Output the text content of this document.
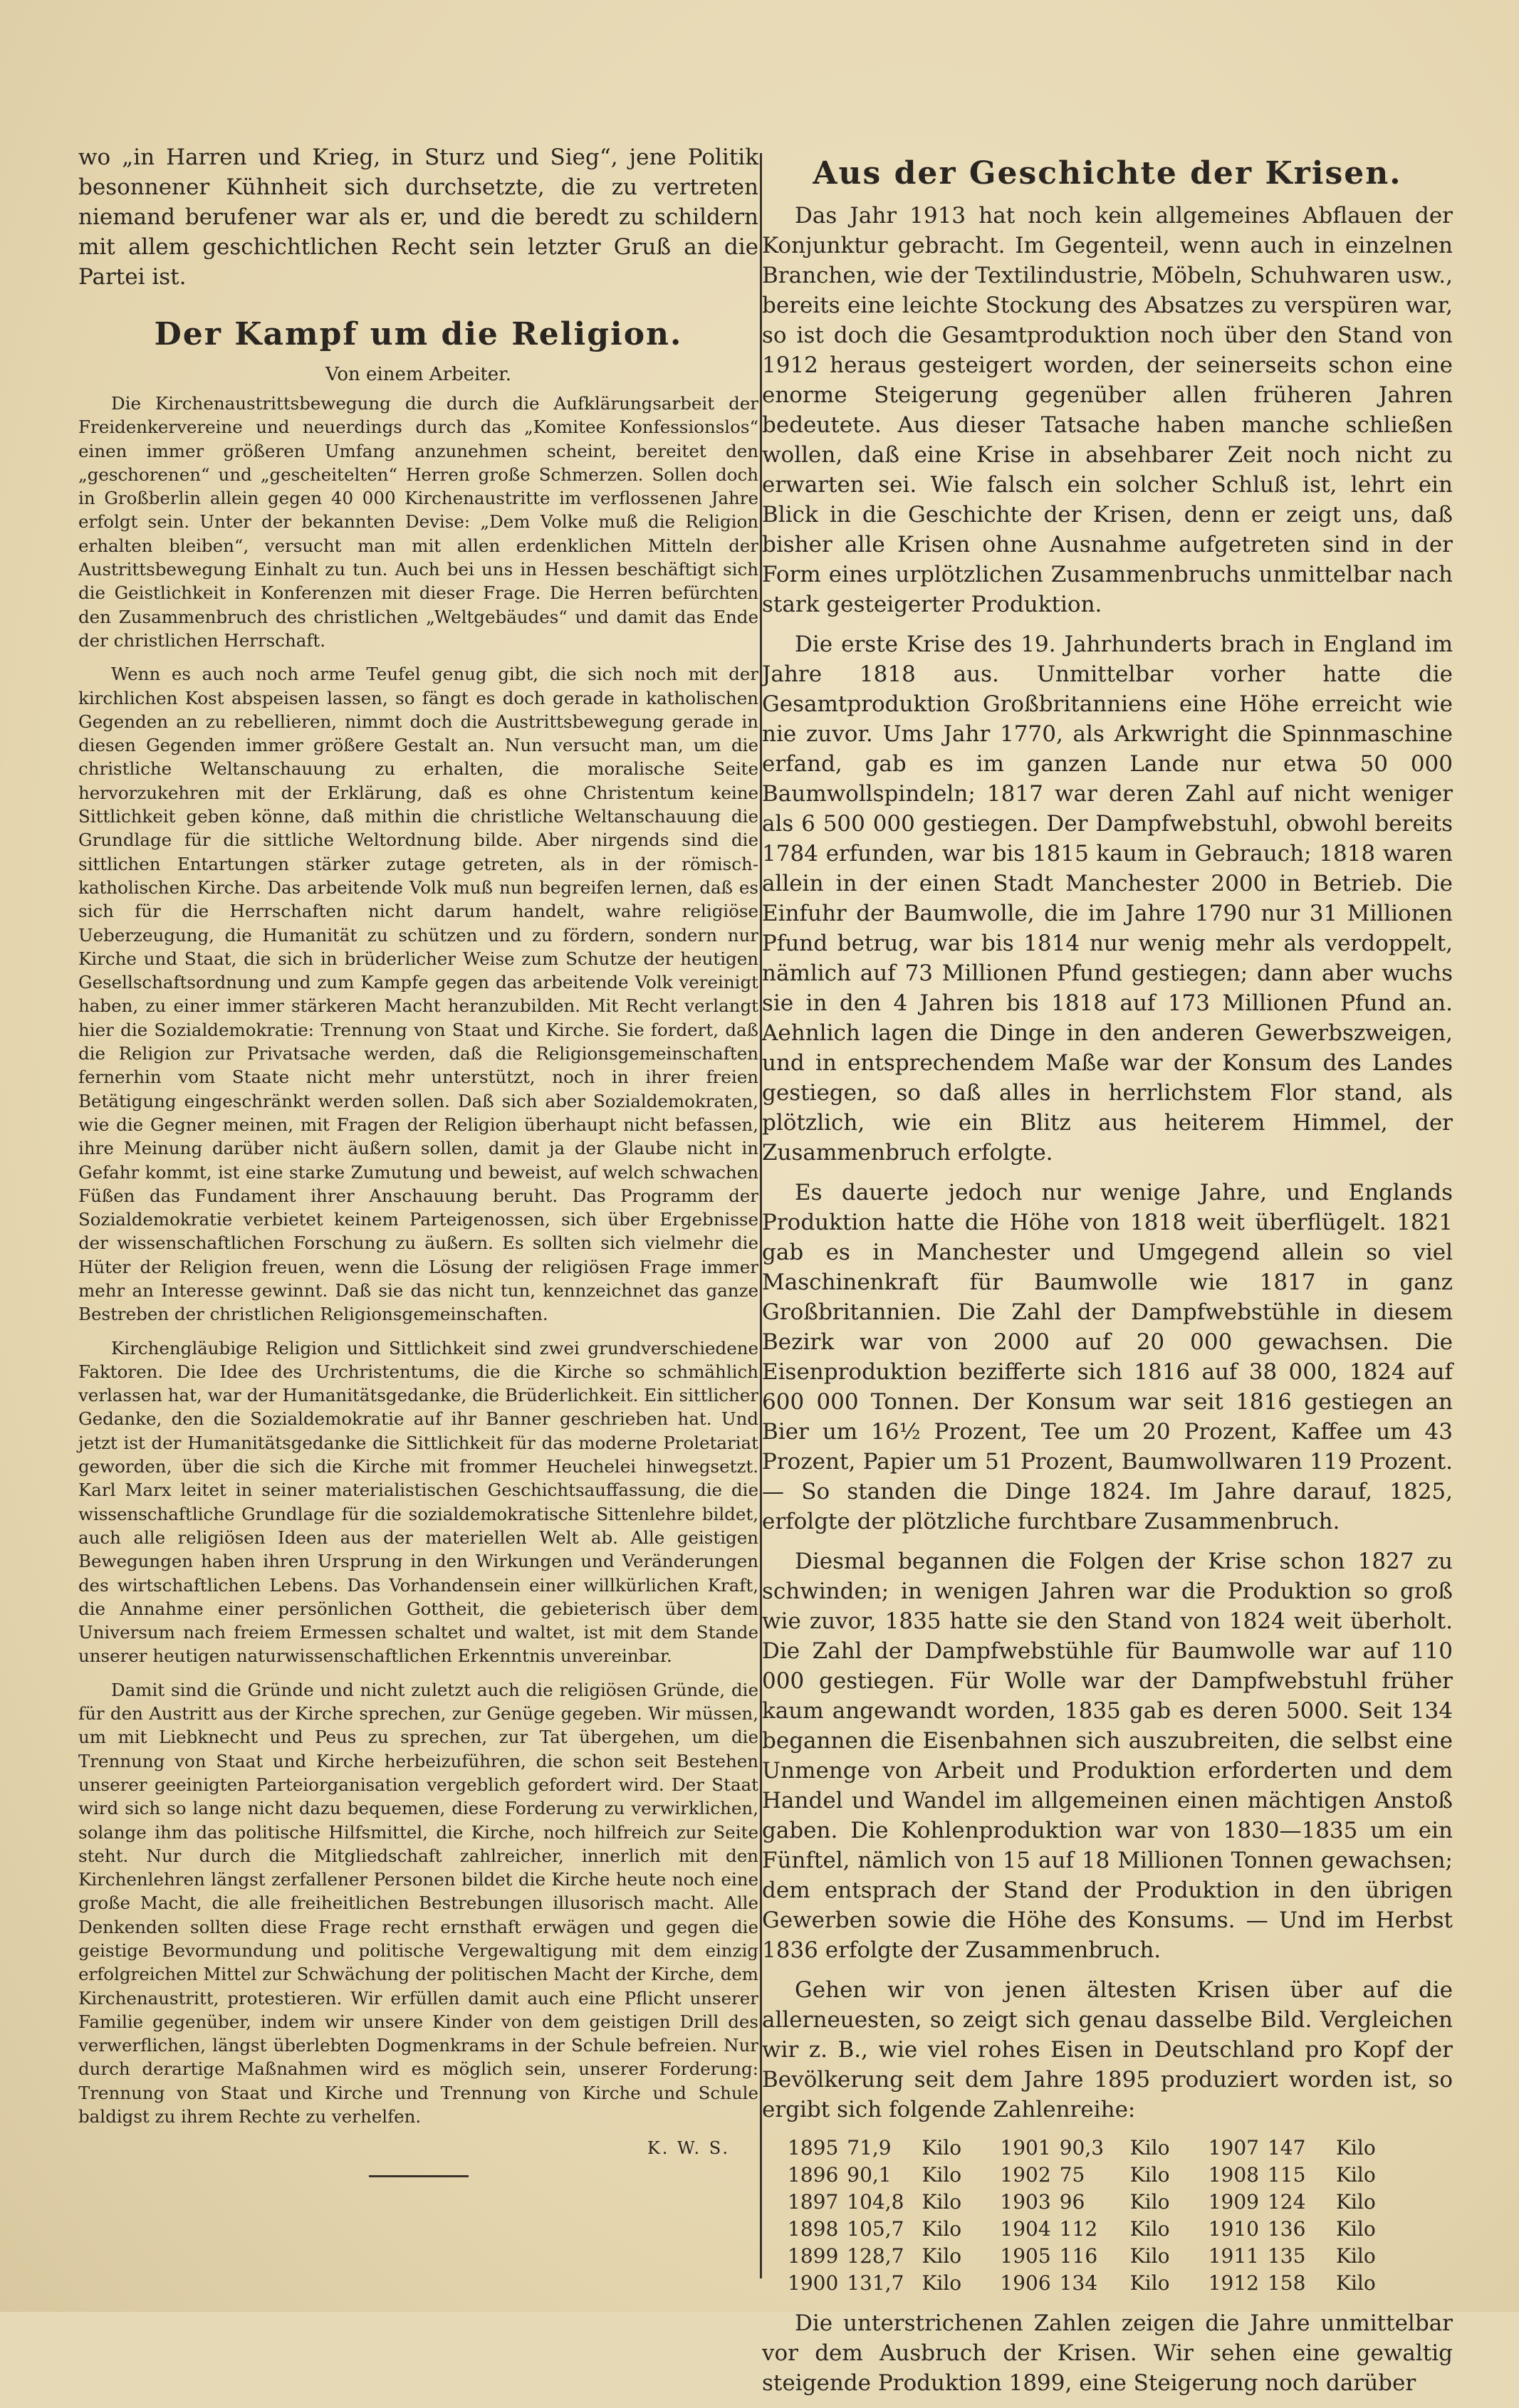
wo „in Harren und Krieg, in Sturz und Sieg“, jene Politik besonnener Kühnheit sich durchsetzte, die zu vertreten niemand berufener war als er, und die beredt zu schildern mit allem geschichtlichen Recht sein letzter Gruß an die Partei ist.

Der Kampf um die Religion.
Von einem Arbeiter.

Die Kirchenaustrittsbewegung die durch die Aufklärungsarbeit der Freidenkervereine und neuerdings durch das „Komitee Konfessionslos“ einen immer größeren Umfang anzunehmen scheint, bereitet den „geschorenen“ und „gescheitelten“ Herren große Schmerzen. Sollen doch in Großberlin allein gegen 40 000 Kirchenaustritte im verflossenen Jahre erfolgt sein. Unter der bekannten Devise: „Dem Volke muß die Religion erhalten bleiben“, versucht man mit allen erdenklichen Mitteln der Austrittsbewegung Einhalt zu tun. Auch bei uns in Hessen beschäftigt sich die Geistlichkeit in Konferenzen mit dieser Frage. Die Herren befürchten den Zusammenbruch des christlichen „Weltgebäudes“ und damit das Ende der christlichen Herrschaft.

Wenn es auch noch arme Teufel genug gibt, die sich noch mit der kirchlichen Kost abspeisen lassen, so fängt es doch gerade in katholischen Gegenden an zu rebellieren, nimmt doch die Austrittsbewegung gerade in diesen Gegenden immer größere Gestalt an. Nun versucht man, um die christliche Weltanschauung zu erhalten, die moralische Seite hervorzukehren mit der Erklärung, daß es ohne Christentum keine Sittlichkeit geben könne, daß mithin die christliche Weltanschauung die Grundlage für die sittliche Weltordnung bilde. Aber nirgends sind die sittlichen Entartungen stärker zutage getreten, als in der römisch-katholischen Kirche. Das arbeitende Volk muß nun begreifen lernen, daß es sich für die Herrschaften nicht darum handelt, wahre religiöse Ueberzeugung, die Humanität zu schützen und zu fördern, sondern nur Kirche und Staat, die sich in brüderlicher Weise zum Schutze der heutigen Gesellschaftsordnung und zum Kampfe gegen das arbeitende Volk vereinigt haben, zu einer immer stärkeren Macht heranzubilden. Mit Recht verlangt hier die Sozialdemokratie: Trennung von Staat und Kirche. Sie fordert, daß die Religion zur Privatsache werden, daß die Religionsgemeinschaften fernerhin vom Staate nicht mehr unterstützt, noch in ihrer freien Betätigung eingeschränkt werden sollen. Daß sich aber Sozialdemokraten, wie die Gegner meinen, mit Fragen der Religion überhaupt nicht befassen, ihre Meinung darüber nicht äußern sollen, damit ja der Glaube nicht in Gefahr kommt, ist eine starke Zumutung und beweist, auf welch schwachen Füßen das Fundament ihrer Anschauung beruht. Das Programm der Sozialdemokratie verbietet keinem Parteigenossen, sich über Ergebnisse der wissenschaftlichen Forschung zu äußern. Es sollten sich vielmehr die Hüter der Religion freuen, wenn die Lösung der religiösen Frage immer mehr an Interesse gewinnt. Daß sie das nicht tun, kennzeichnet das ganze Bestreben der christlichen Religionsgemeinschaften.

Kirchengläubige Religion und Sittlichkeit sind zwei grundverschiedene Faktoren. Die Idee des Urchristentums, die die Kirche so schmählich verlassen hat, war der Humanitätsgedanke, die Brüderlichkeit. Ein sittlicher Gedanke, den die Sozialdemokratie auf ihr Banner geschrieben hat. Und jetzt ist der Humanitätsgedanke die Sittlichkeit für das moderne Proletariat geworden, über die sich die Kirche mit frommer Heuchelei hinwegsetzt. Karl Marx leitet in seiner materialistischen Geschichtsauffassung, die die wissenschaftliche Grundlage für die sozialdemokratische Sittenlehre bildet, auch alle religiösen Ideen aus der materiellen Welt ab. Alle geistigen Bewegungen haben ihren Ursprung in den Wirkungen und Veränderungen des wirtschaftlichen Lebens. Das Vorhandensein einer willkürlichen Kraft, die Annahme einer persönlichen Gottheit, die gebieterisch über dem Universum nach freiem Ermessen schaltet und waltet, ist mit dem Stande unserer heutigen naturwissenschaftlichen Erkenntnis unvereinbar.

Damit sind die Gründe und nicht zuletzt auch die religiösen Gründe, die für den Austritt aus der Kirche sprechen, zur Genüge gegeben. Wir müssen, um mit Liebknecht und Peus zu sprechen, zur Tat übergehen, um die Trennung von Staat und Kirche herbeizuführen, die schon seit Bestehen unserer geeinigten Parteiorganisation vergeblich gefordert wird. Der Staat wird sich so lange nicht dazu bequemen, diese Forderung zu verwirklichen, solange ihm das politische Hilfsmittel, die Kirche, noch hilfreich zur Seite steht. Nur durch die Mitgliedschaft zahlreicher, innerlich mit den Kirchenlehren längst zerfallener Personen bildet die Kirche heute noch eine große Macht, die alle freiheitlichen Bestrebungen illusorisch macht. Alle Denkenden sollten diese Frage recht ernsthaft erwägen und gegen die geistige Bevormundung und politische Vergewaltigung mit dem einzig erfolgreichen Mittel zur Schwächung der politischen Macht der Kirche, dem Kirchenaustritt, protestieren. Wir erfüllen damit auch eine Pflicht unserer Familie gegenüber, indem wir unsere Kinder von dem geistigen Drill des verwerflichen, längst überlebten Dogmenkrams in der Schule befreien. Nur durch derartige Maßnahmen wird es möglich sein, unserer Forderung: Trennung von Staat und Kirche und Trennung von Kirche und Schule baldigst zu ihrem Rechte zu verhelfen.

K. W. S.
Aus der Geschichte der Krisen.

Das Jahr 1913 hat noch kein allgemeines Abflauen der Konjunktur gebracht. Im Gegenteil, wenn auch in einzelnen Branchen, wie der Textilindustrie, Möbeln, Schuhwaren usw., bereits eine leichte Stockung des Absatzes zu verspüren war, so ist doch die Gesamtproduktion noch über den Stand von 1912 heraus gesteigert worden, der seinerseits schon eine enorme Steigerung gegenüber allen früheren Jahren bedeutete. Aus dieser Tatsache haben manche schließen wollen, daß eine Krise in absehbarer Zeit noch nicht zu erwarten sei. Wie falsch ein solcher Schluß ist, lehrt ein Blick in die Geschichte der Krisen, denn er zeigt uns, daß bisher alle Krisen ohne Ausnahme aufgetreten sind in der Form eines urplötzlichen Zusammenbruchs unmittelbar nach stark gesteigerter Produktion.

Die erste Krise des 19. Jahrhunderts brach in England im Jahre 1818 aus. Unmittelbar vorher hatte die Gesamtproduktion Großbritanniens eine Höhe erreicht wie nie zuvor. Ums Jahr 1770, als Arkwright die Spinnmaschine erfand, gab es im ganzen Lande nur etwa 50 000 Baumwollspindeln; 1817 war deren Zahl auf nicht weniger als 6 500 000 gestiegen. Der Dampfwebstuhl, obwohl bereits 1784 erfunden, war bis 1815 kaum in Gebrauch; 1818 waren allein in der einen Stadt Manchester 2000 in Betrieb. Die Einfuhr der Baumwolle, die im Jahre 1790 nur 31 Millionen Pfund betrug, war bis 1814 nur wenig mehr als verdoppelt, nämlich auf 73 Millionen Pfund gestiegen; dann aber wuchs sie in den 4 Jahren bis 1818 auf 173 Millionen Pfund an. Aehnlich lagen die Dinge in den anderen Gewerbszweigen, und in entsprechendem Maße war der Konsum des Landes gestiegen, so daß alles in herrlichstem Flor stand, als plötzlich, wie ein Blitz aus heiterem Himmel, der Zusammenbruch erfolgte.

Es dauerte jedoch nur wenige Jahre, und Englands Produktion hatte die Höhe von 1818 weit überflügelt. 1821 gab es in Manchester und Umgegend allein so viel Maschinenkraft für Baumwolle wie 1817 in ganz Großbritannien. Die Zahl der Dampfwebstühle in diesem Bezirk war von 2000 auf 20 000 gewachsen. Die Eisenproduktion bezifferte sich 1816 auf 38 000, 1824 auf 600 000 Tonnen. Der Konsum war seit 1816 gestiegen an Bier um 16½ Prozent, Tee um 20 Prozent, Kaffee um 43 Prozent, Papier um 51 Prozent, Baumwollwaren 119 Prozent. — So standen die Dinge 1824. Im Jahre darauf, 1825, erfolgte der plötzliche furchtbare Zusammenbruch.

Diesmal begannen die Folgen der Krise schon 1827 zu schwinden; in wenigen Jahren war die Produktion so groß wie zuvor, 1835 hatte sie den Stand von 1824 weit überholt. Die Zahl der Dampfwebstühle für Baumwolle war auf 110 000 gestiegen. Für Wolle war der Dampfwebstuhl früher kaum angewandt worden, 1835 gab es deren 5000. Seit 134 begannen die Eisenbahnen sich auszubreiten, die selbst eine Unmenge von Arbeit und Produktion erforderten und dem Handel und Wandel im allgemeinen einen mächtigen Anstoß gaben. Die Kohlenproduktion war von 1830—1835 um ein Fünftel, nämlich von 15 auf 18 Millionen Tonnen gewachsen; dem entsprach der Stand der Produktion in den übrigen Gewerben sowie die Höhe des Konsums. — Und im Herbst 1836 erfolgte der Zusammenbruch.

Gehen wir von jenen ältesten Krisen über auf die allerneuesten, so zeigt sich genau dasselbe Bild. Vergleichen wir z. B., wie viel rohes Eisen in Deutschland pro Kopf der Bevölkerung seit dem Jahre 1895 produziert worden ist, so ergibt sich folgende Zahlenreihe:

1895	71,9	Kilo	1901	90,3	Kilo	1907	147	Kilo
1896	90,1	Kilo	1902	75	Kilo	1908	115	Kilo
1897	104,8	Kilo	1903	96	Kilo	1909	124	Kilo
1898	105,7	Kilo	1904	112	Kilo	1910	136	Kilo
1899	128,7	Kilo	1905	116	Kilo	1911	135	Kilo
1900	131,7	Kilo	1906	134	Kilo	1912	158	Kilo

Die unterstrichenen Zahlen zeigen die Jahre unmittelbar vor dem Ausbruch der Krisen. Wir sehen eine gewaltig steigende Produktion 1899, eine Steigerung noch darüber
